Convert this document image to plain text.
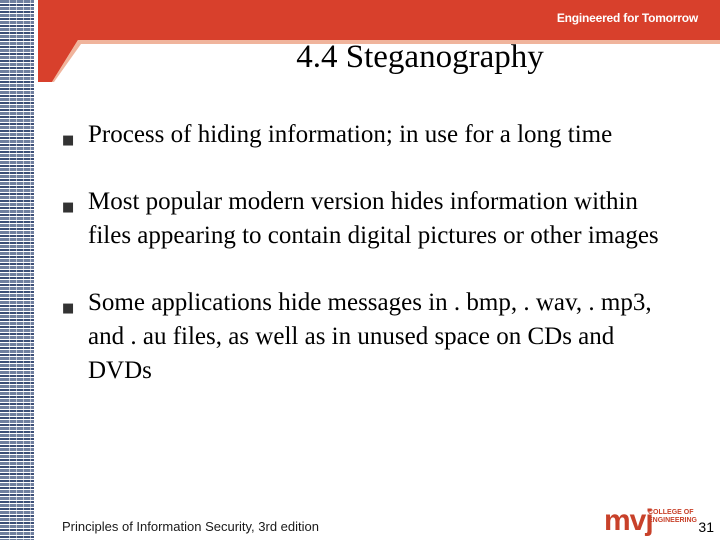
Engineered for Tomorrow
4.4 Steganography
■ Process of hiding information; in use for a long time
■ Most popular modern version hides information within files appearing to contain digital pictures or other images
■ Some applications hide messages in . bmp, . wav, . mp3, and . au files, as well as in unused space on CDs and DVDs
Principles of Information Security, 3rd edition	mvj
COLLEGE OF
ENGINEERING 31
